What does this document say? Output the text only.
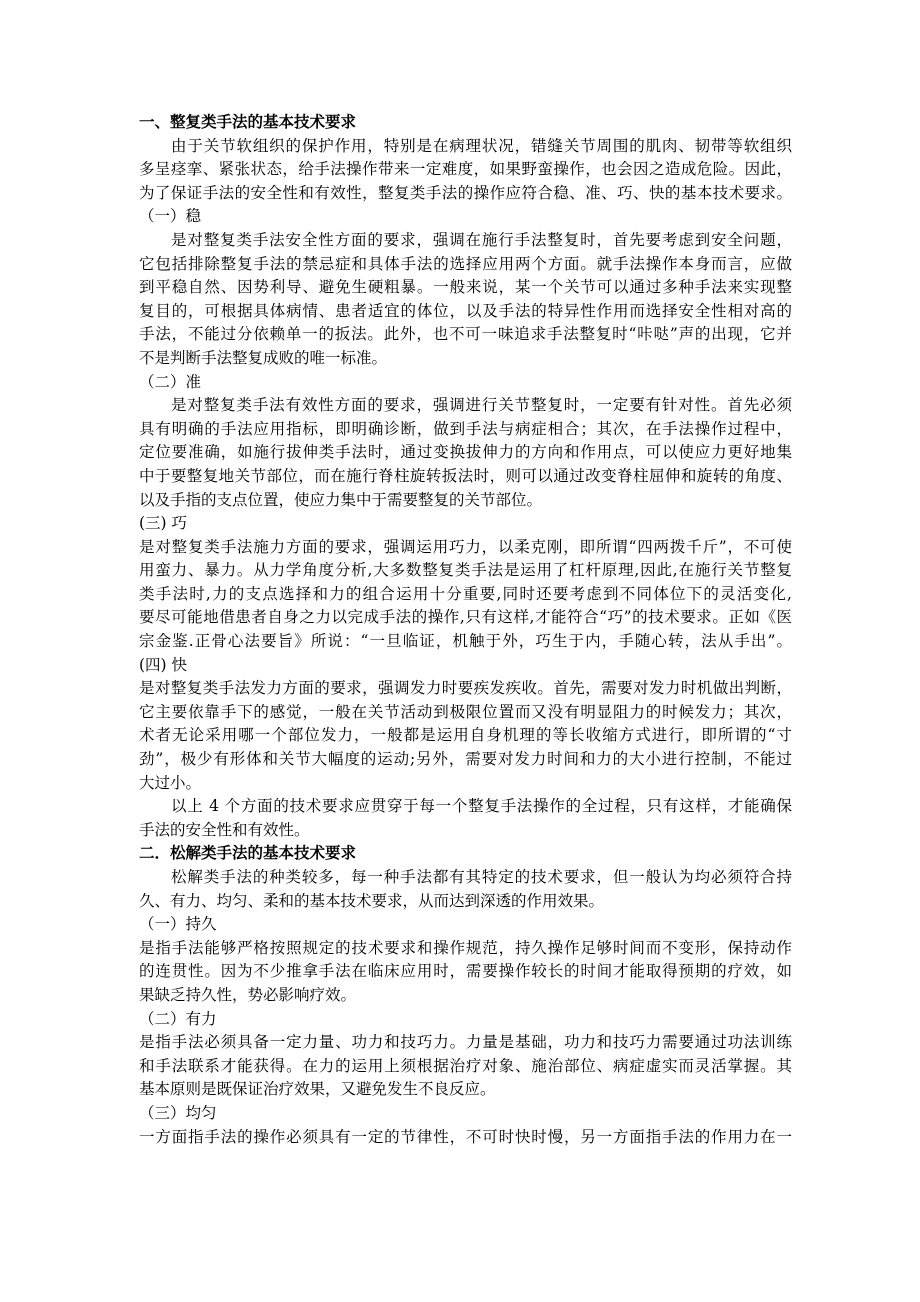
一、整复类手法的基本技术要求
由于关节软组织的保护作用，特别是在病理状况，错缝关节周围的肌肉、韧带等软组织
多呈痉挛、紧张状态，给手法操作带来一定难度，如果野蛮操作，也会因之造成危险。因此，
为了保证手法的安全性和有效性，整复类手法的操作应符合稳、准、巧、快的基本技术要求。
（一）稳
是对整复类手法安全性方面的要求，强调在施行手法整复时，首先要考虑到安全问题，
它包括排除整复手法的禁忌症和具体手法的选择应用两个方面。就手法操作本身而言，应做
到平稳自然、因势利导、避免生硬粗暴。一般来说，某一个关节可以通过多种手法来实现整
复目的，可根据具体病情、患者适宜的体位，以及手法的特异性作用而选择安全性相对高的
手法，不能过分依赖单一的扳法。此外，也不可一味追求手法整复时“咔哒”声的出现，它并
不是判断手法整复成败的唯一标准。
（二）准
是对整复类手法有效性方面的要求，强调进行关节整复时，一定要有针对性。首先必须
具有明确的手法应用指标，即明确诊断，做到手法与病症相合；其次，在手法操作过程中，
定位要准确，如施行拔伸类手法时，通过变换拔伸力的方向和作用点，可以使应力更好地集
中于要整复地关节部位，而在施行脊柱旋转扳法时，则可以通过改变脊柱屈伸和旋转的角度、
以及手指的支点位置，使应力集中于需要整复的关节部位。
(三) 巧
是对整复类手法施力方面的要求，强调运用巧力，以柔克刚，即所谓“四两拨千斤”，不可使
用蛮力、暴力。从力学角度分析,大多数整复类手法是运用了杠杆原理,因此,在施行关节整复
类手法时,力的支点选择和力的组合运用十分重要,同时还要考虑到不同体位下的灵活变化,
要尽可能地借患者自身之力以完成手法的操作,只有这样,才能符合“巧”的技术要求。正如《医
宗金鉴.正骨心法要旨》所说：“一旦临证，机触于外，巧生于内，手随心转，法从手出”。
(四) 快
是对整复类手法发力方面的要求，强调发力时要疾发疾收。首先，需要对发力时机做出判断，
它主要依靠手下的感觉，一般在关节活动到极限位置而又没有明显阻力的时候发力；其次，
术者无论采用哪一个部位发力，一般都是运用自身机理的等长收缩方式进行，即所谓的“寸
劲”，极少有形体和关节大幅度的运动;另外，需要对发力时间和力的大小进行控制，不能过
大过小。
以上 4 个方面的技术要求应贯穿于每一个整复手法操作的全过程，只有这样，才能确保
手法的安全性和有效性。
二．松解类手法的基本技术要求
松解类手法的种类较多，每一种手法都有其特定的技术要求，但一般认为均必须符合持
久、有力、均匀、柔和的基本技术要求，从而达到深透的作用效果。
（一）持久
是指手法能够严格按照规定的技术要求和操作规范，持久操作足够时间而不变形，保持动作
的连贯性。因为不少推拿手法在临床应用时，需要操作较长的时间才能取得预期的疗效，如
果缺乏持久性，势必影响疗效。
（二）有力
是指手法必须具备一定力量、功力和技巧力。力量是基础，功力和技巧力需要通过功法训练
和手法联系才能获得。在力的运用上须根据治疗对象、施治部位、病症虚实而灵活掌握。其
基本原则是既保证治疗效果，又避免发生不良反应。
（三）均匀
一方面指手法的操作必须具有一定的节律性，不可时快时慢，另一方面指手法的作用力在一
